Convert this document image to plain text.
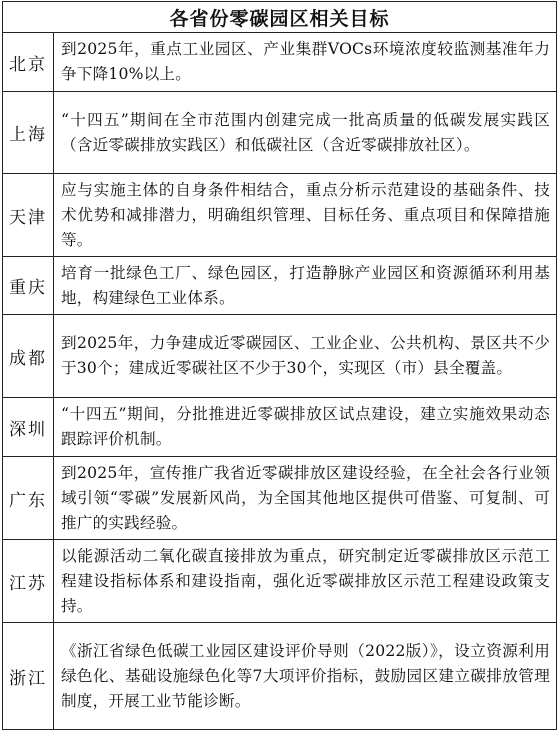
各省份零碳园区相关目标
北京
到2025年，重点工业园区、产业集群VOCs环境浓度较监测基准年力争下降10%以上。
上海
“十四五”期间在全市范围内创建完成一批高质量的低碳发展实践区（含近零碳排放实践区）和低碳社区（含近零碳排放社区）。
天津
应与实施主体的自身条件相结合，重点分析示范建设的基础条件、技术优势和减排潜力，明确组织管理、目标任务、重点项目和保障措施等。
重庆
培育一批绿色工厂、绿色园区，打造静脉产业园区和资源循环利用基地，构建绿色工业体系。
成都
到2025年，力争建成近零碳园区、工业企业、公共机构、景区共不少于30个；建成近零碳社区不少于30个，实现区（市）县全覆盖。
深圳
“十四五”期间，分批推进近零碳排放区试点建设，建立实施效果动态跟踪评价机制。
广东
到2025年，宣传推广我省近零碳排放区建设经验，在全社会各行业领域引领“零碳”发展新风尚，为全国其他地区提供可借鉴、可复制、可推广的实践经验。
江苏
以能源活动二氧化碳直接排放为重点，研究制定近零碳排放区示范工程建设指标体系和建设指南，强化近零碳排放区示范工程建设政策支持。
浙江
《浙江省绿色低碳工业园区建设评价导则（2022版）》，设立资源利用绿色化、基础设施绿色化等7大项评价指标，鼓励园区建立碳排放管理制度，开展工业节能诊断。
